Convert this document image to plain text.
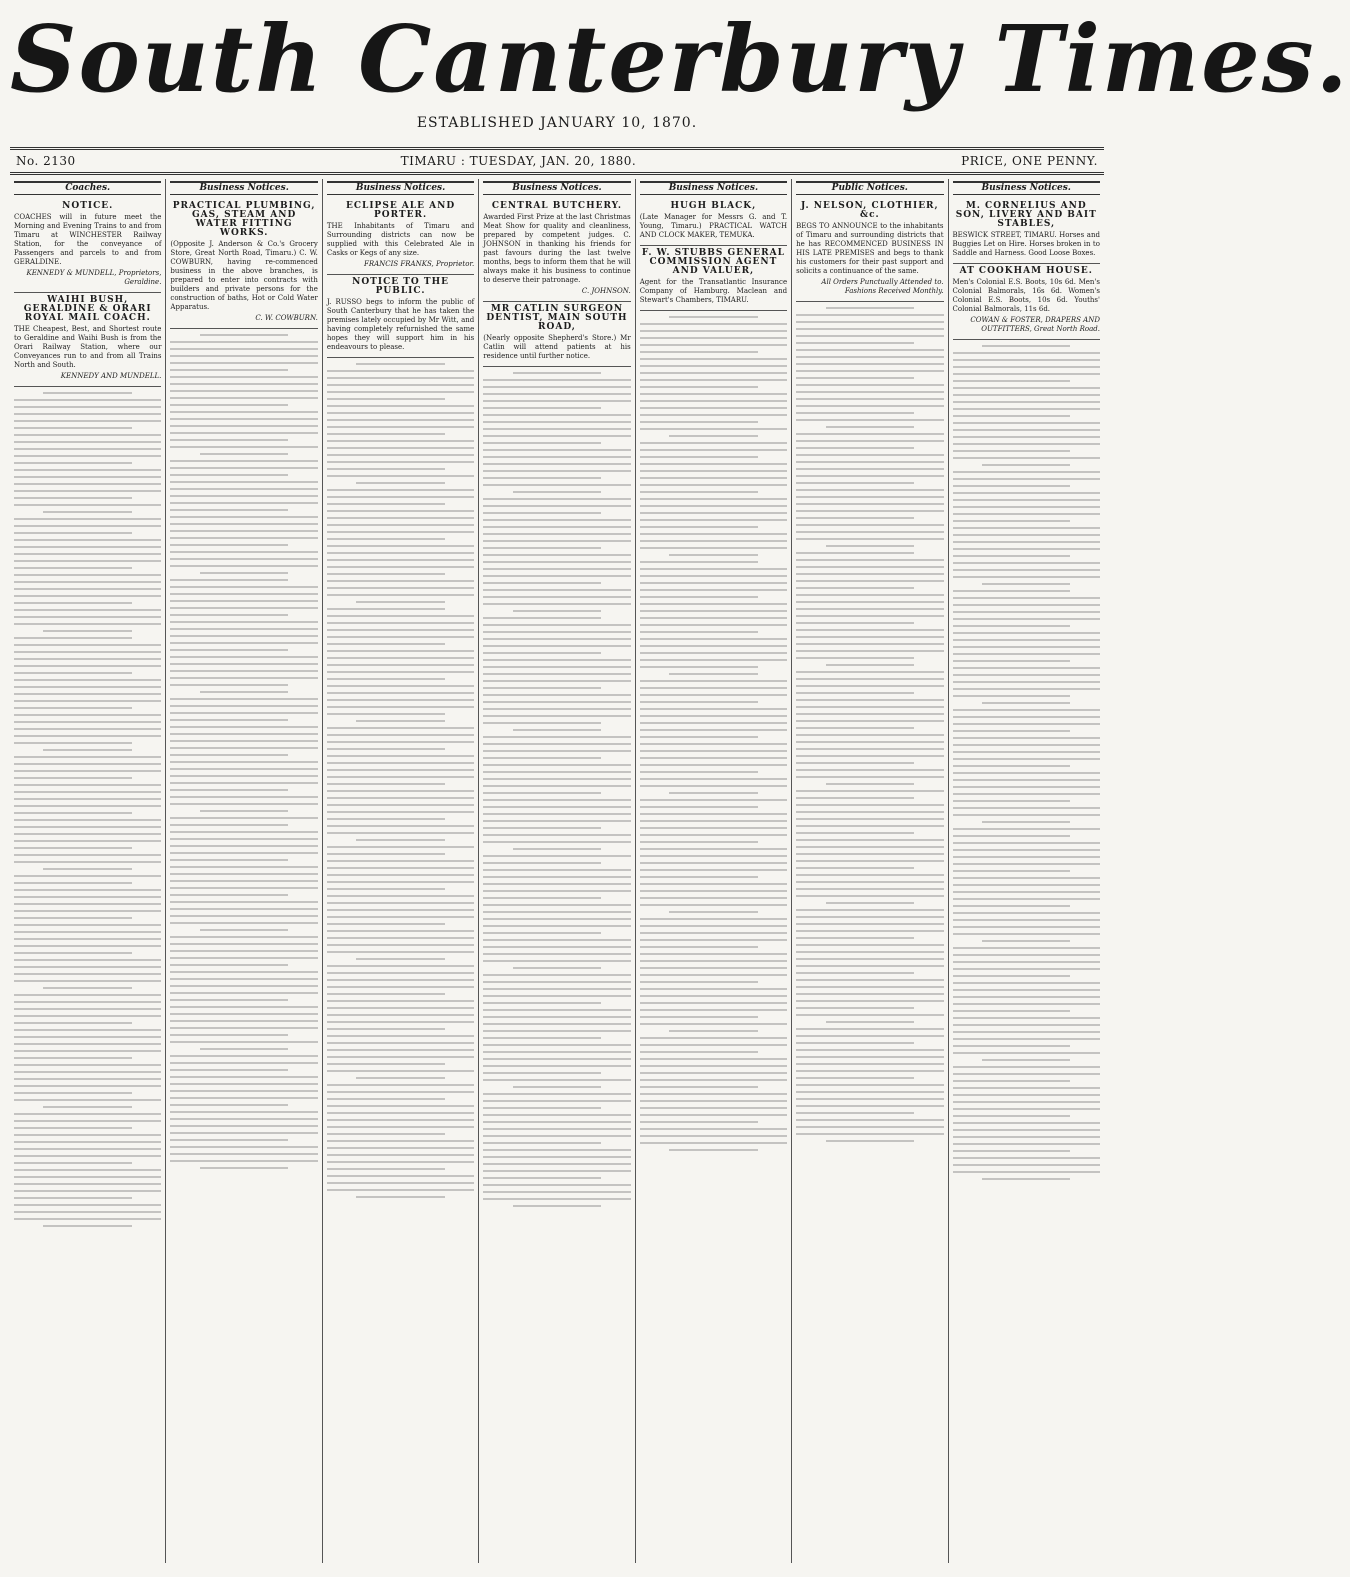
South Canterbury Times.
ESTABLISHED JANUARY 10, 1870.
No. 2130	TIMARU : TUESDAY, JAN. 20, 1880.	PRICE, ONE PENNY.
Coaches.
NOTICE.
COACHES will in future meet the Morning and Evening Trains to and from Timaru at WINCHESTER Railway Station, for the conveyance of Passengers and parcels to and from GERALDINE.
KENNEDY & MUNDELL, Proprietors, Geraldine.
WAIHI BUSH, GERALDINE & ORARI ROYAL MAIL COACH.
THE Cheapest, Best, and Shortest route to Geraldine and Waihi Bush is from the Orari Railway Station, where our Conveyances run to and from all Trains North and South.
KENNEDY AND MUNDELL.
Business Notices.
PRACTICAL PLUMBING, GAS, STEAM AND WATER FITTING WORKS.
(Opposite J. Anderson & Co.'s Grocery Store, Great North Road, Timaru.) C. W. COWBURN, having re-commenced business in the above branches, is prepared to enter into contracts with builders and private persons for the construction of baths, Hot or Cold Water Apparatus.
C. W. COWBURN.
Business Notices.
ECLIPSE ALE AND PORTER.
THE Inhabitants of Timaru and Surrounding districts can now be supplied with this Celebrated Ale in Casks or Kegs of any size.
FRANCIS FRANKS, Proprietor.
NOTICE TO THE PUBLIC.
J. RUSSO begs to inform the public of South Canterbury that he has taken the premises lately occupied by Mr Witt, and having completely refurnished the same hopes they will support him in his endeavours to please.
Business Notices.
CENTRAL BUTCHERY.
Awarded First Prize at the last Christmas Meat Show for quality and cleanliness, prepared by competent judges. C. JOHNSON in thanking his friends for past favours during the last twelve months, begs to inform them that he will always make it his business to continue to deserve their patronage.
C. JOHNSON.
MR CATLIN SURGEON DENTIST, MAIN SOUTH ROAD,
(Nearly opposite Shepherd's Store.) Mr Catlin will attend patients at his residence until further notice.
Business Notices.
HUGH BLACK,
(Late Manager for Messrs G. and T. Young, Timaru.) PRACTICAL WATCH AND CLOCK MAKER, TEMUKA.
F. W. STUBBS GENERAL COMMISSION AGENT AND VALUER,
Agent for the Transatlantic Insurance Company of Hamburg. Maclean and Stewart's Chambers, TIMARU.
Public Notices.
J. NELSON, CLOTHIER, &c.
BEGS TO ANNOUNCE to the inhabitants of Timaru and surrounding districts that he has RECOMMENCED BUSINESS IN HIS LATE PREMISES and begs to thank his customers for their past support and solicits a continuance of the same.
All Orders Punctually Attended to. Fashions Received Monthly.
Business Notices.
M. CORNELIUS AND SON, LIVERY AND BAIT STABLES,
BESWICK STREET, TIMARU. Horses and Buggies Let on Hire. Horses broken in to Saddle and Harness. Good Loose Boxes.
AT COOKHAM HOUSE.
Men's Colonial E.S. Boots, 10s 6d. Men's Colonial Balmorals, 16s 6d. Women's Colonial E.S. Boots, 10s 6d. Youths' Colonial Balmorals, 11s 6d.
COWAN & FOSTER, DRAPERS AND OUTFITTERS, Great North Road.
